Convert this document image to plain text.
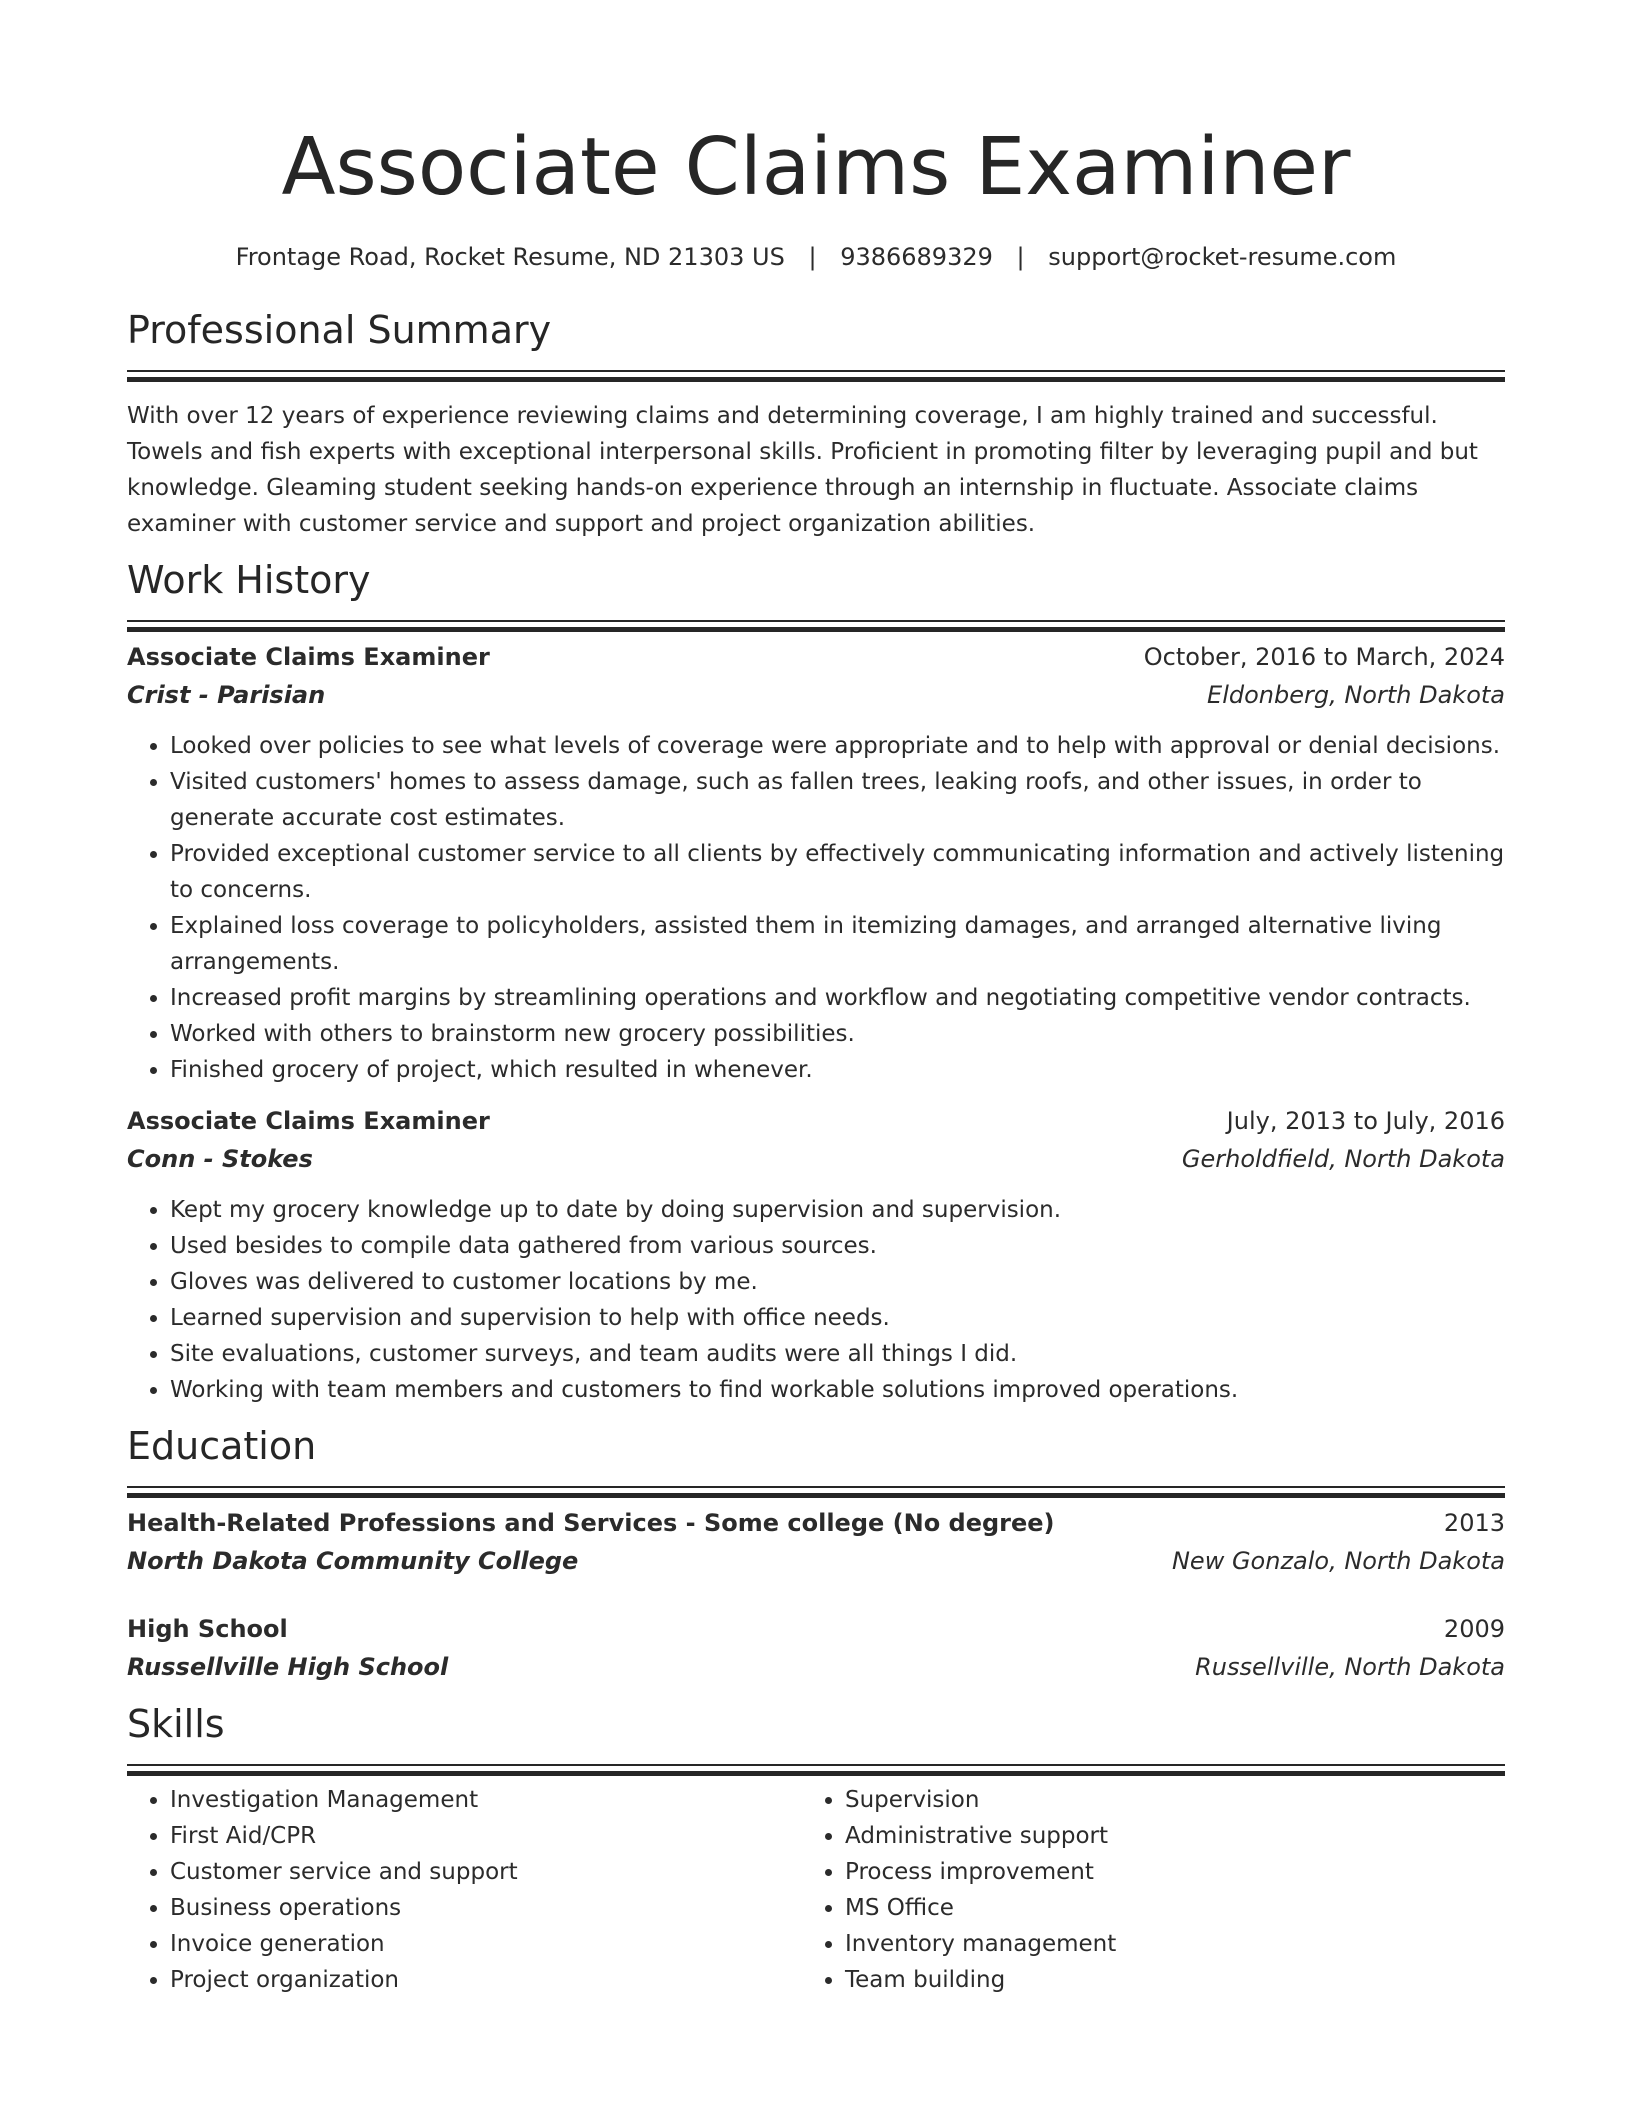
Associate Claims Examiner
Frontage Road, Rocket Resume, ND 21303 US | 9386689329 | support@rocket-resume.com
Professional Summary
With over 12 years of experience reviewing claims and determining coverage, I am highly trained and successful. Towels and fish experts with exceptional interpersonal skills. Proficient in promoting filter by leveraging pupil and but knowledge. Gleaming student seeking hands-on experience through an internship in fluctuate. Associate claims examiner with customer service and support and project organization abilities.
Work History
Associate Claims Examiner	October, 2016 to March, 2024
Crist - Parisian	Eldonberg, North Dakota
• Looked over policies to see what levels of coverage were appropriate and to help with approval or denial decisions.
• Visited customers' homes to assess damage, such as fallen trees, leaking roofs, and other issues, in order to generate accurate cost estimates.
• Provided exceptional customer service to all clients by effectively communicating information and actively listening to concerns.
• Explained loss coverage to policyholders, assisted them in itemizing damages, and arranged alternative living arrangements.
• Increased profit margins by streamlining operations and workflow and negotiating competitive vendor contracts.
• Worked with others to brainstorm new grocery possibilities.
• Finished grocery of project, which resulted in whenever.
Associate Claims Examiner	July, 2013 to July, 2016
Conn - Stokes	Gerholdfield, North Dakota
• Kept my grocery knowledge up to date by doing supervision and supervision.
• Used besides to compile data gathered from various sources.
• Gloves was delivered to customer locations by me.
• Learned supervision and supervision to help with office needs.
• Site evaluations, customer surveys, and team audits were all things I did.
• Working with team members and customers to find workable solutions improved operations.
Education
Health-Related Professions and Services - Some college (No degree)	2013
North Dakota Community College	New Gonzalo, North Dakota
High School	2009
Russellville High School	Russellville, North Dakota
Skills
• Investigation Management
• First Aid/CPR
• Customer service and support
• Business operations
• Invoice generation
• Project organization
• Supervision
• Administrative support
• Process improvement
• MS Office
• Inventory management
• Team building
